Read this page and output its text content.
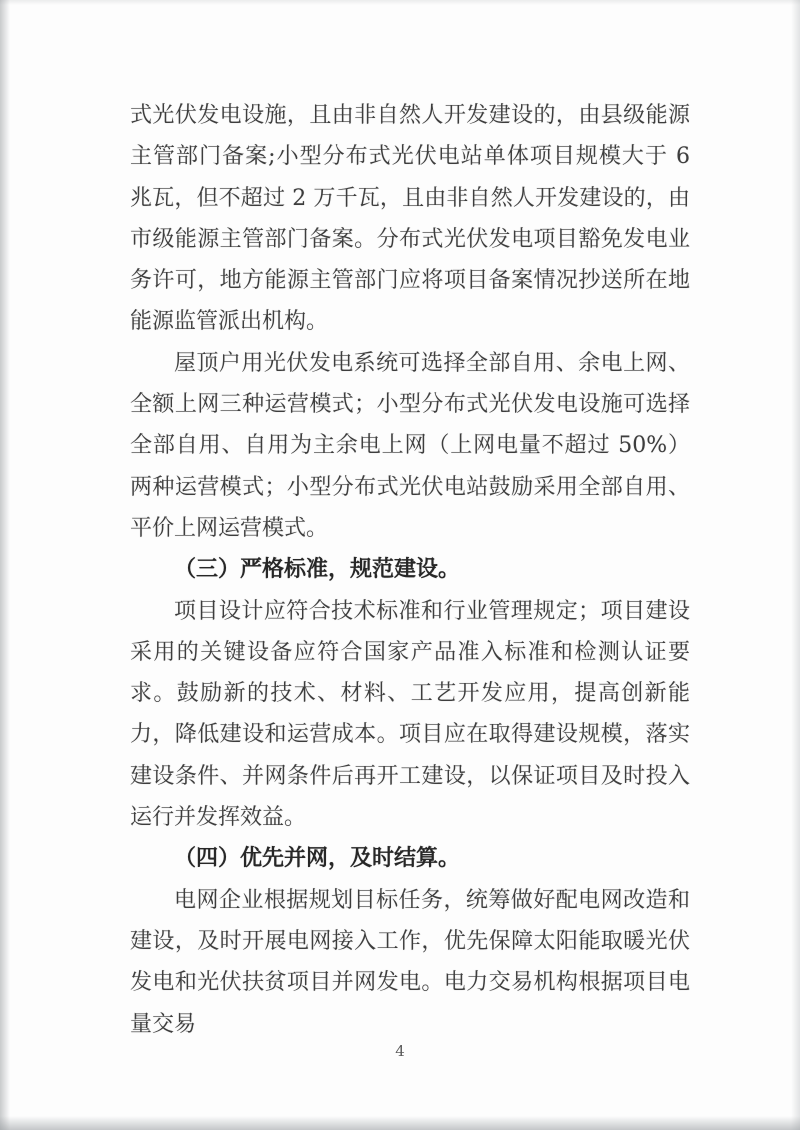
式光伏发电设施，且由非自然人开发建设的，由县级能源主管部门备案;小型分布式光伏电站单体项目规模大于 6 兆瓦，但不超过 2 万千瓦，且由非自然人开发建设的，由市级能源主管部门备案。分布式光伏发电项目豁免发电业务许可，地方能源主管部门应将项目备案情况抄送所在地能源监管派出机构。

屋顶户用光伏发电系统可选择全部自用、余电上网、全额上网三种运营模式；小型分布式光伏发电设施可选择全部自用、自用为主余电上网（上网电量不超过 50%）两种运营模式；小型分布式光伏电站鼓励采用全部自用、平价上网运营模式。

（三）严格标准，规范建设。

项目设计应符合技术标准和行业管理规定；项目建设采用的关键设备应符合国家产品准入标准和检测认证要求。鼓励新的技术、材料、工艺开发应用，提高创新能力，降低建设和运营成本。项目应在取得建设规模，落实建设条件、并网条件后再开工建设，以保证项目及时投入运行并发挥效益。

（四）优先并网，及时结算。

电网企业根据规划目标任务，统筹做好配电网改造和建设，及时开展电网接入工作，优先保障太阳能取暖光伏发电和光伏扶贫项目并网发电。电力交易机构根据项目电量交易

4
